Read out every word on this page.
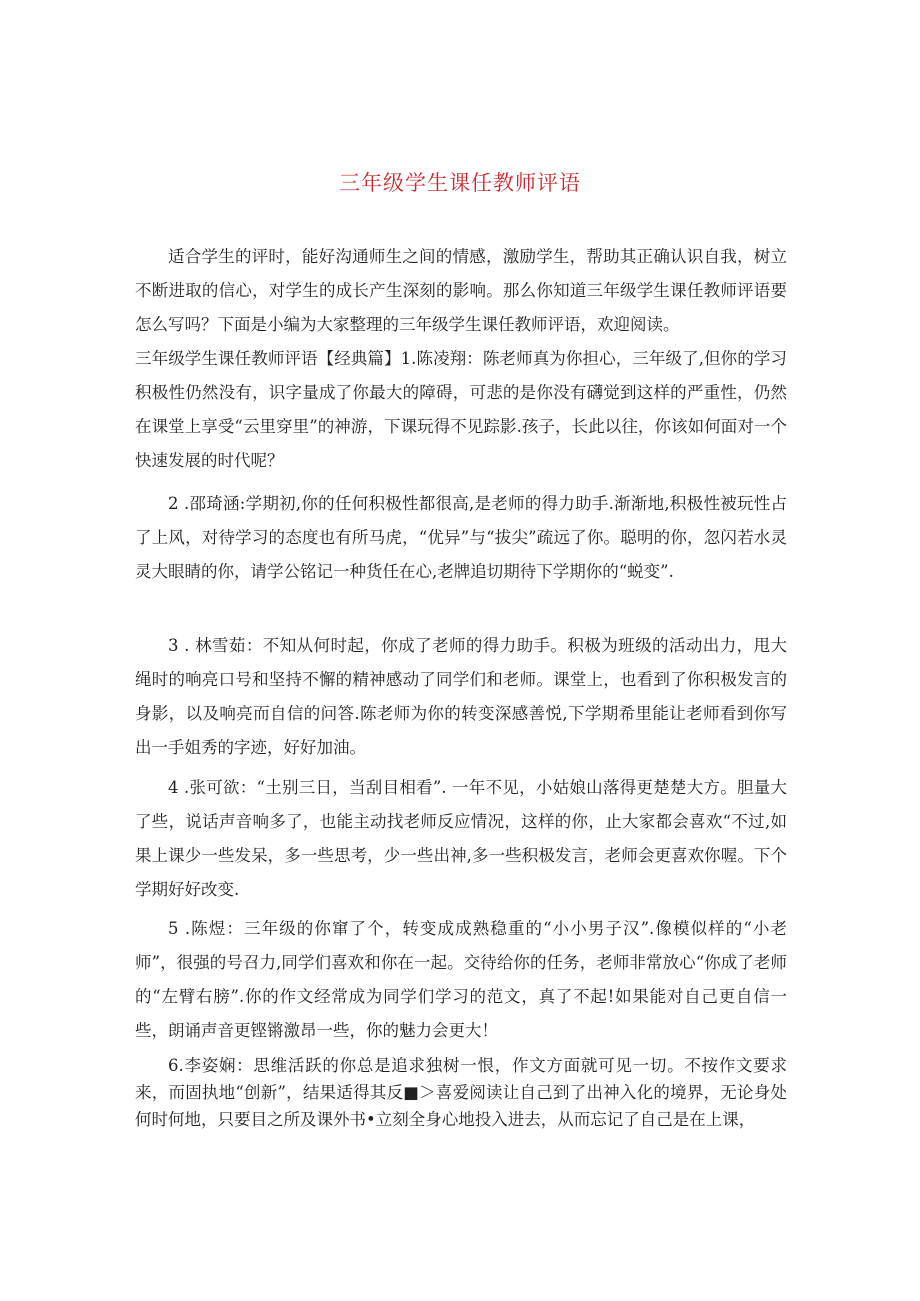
三年级学生课任教师评语

适合学生的评时，能好沟通师生之间的情感，激励学生，帮助其正确认识自我，树立不断进取的信心，对学生的成长产生深刻的影响。那么你知道三年级学生课任教师评语要怎么写吗？下面是小编为大家整理的三年级学生课任教师评语，欢迎阅读。

三年级学生课任教师评语【经典篇】1.陈凌翔：陈老师真为你担心，三年级了,但你的学习积极性仍然没有，识字量成了你最大的障碍，可悲的是你没有礴觉到这样的严重性，仍然在课堂上享受“云里穿里”的神游，下课玩得不见踪影.孩子，长此以往，你该如何面对一个快速发展的时代呢？

2 .邵琦涵:学期初,你的任何积极性都很高,是老师的得力助手.渐渐地,积极性被玩性占了上风，对待学习的态度也有所马虎，“优异”与“拔尖”疏远了你。聪明的你，忽闪若水灵灵大眼睛的你，请学公铭记一种货任在心,老牌追切期待下学期你的“蜕变”.

3 . 林雪茹：不知从何时起，你成了老师的得力助手。积极为班级的活动出力，甩大绳时的响亮口号和坚持不懈的精神感动了同学们和老师。课堂上，也看到了你积极发言的身影，以及响亮而自信的问答.陈老师为你的转变深感善悦,下学期希里能让老师看到你写出一手姐秀的字迹，好好加油。

4 .张可欲：“土别三日，当刮目相看”. 一年不见，小姑娘山落得更楚楚大方。胆量大了些，说话声音响多了，也能主动找老师反应情况，这样的你，止大家都会喜欢“不过,如果上课少一些发呆，多一些思考，少一些出神,多一些积极发言，老师会更喜欢你喔。下个学期好好改变.

5 .陈煜：三年级的你窜了个，转变成成熟稳重的“小小男子汉”.像模似样的“小老师”，很强的号召力,同学们喜欢和你在一起。交待给你的任务，老师非常放心“你成了老师的“左臂右膀”.你的作文经常成为同学们学习的范文，真了不起!如果能对自己更自信一些，朗诵声音更铿锵激昂一些，你的魅力会更大！

6.李姿娴：思维活跃的你总是追求独树一恨，作文方面就可见一切。不按作文要求来，而固执地“创新”，结果适得其反■＞喜爱阅读让自己到了出神入化的境界，无论身处何时何地，只要目之所及课外书•立刻全身心地投入进去，从而忘记了自己是在上课，
